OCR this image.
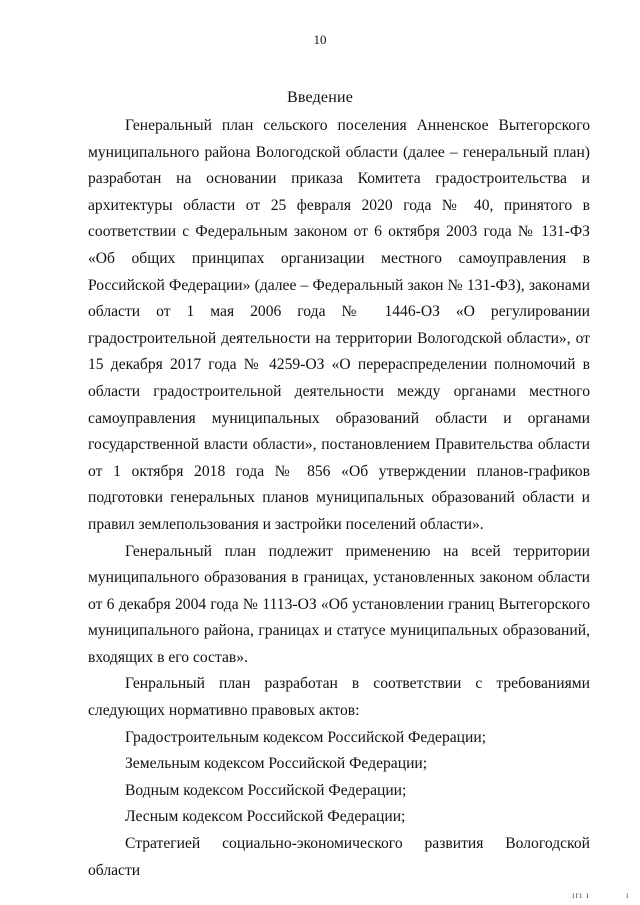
10
Введение

Генеральный план сельского поселения Анненское Вытегорского муниципального района Вологодской области (далее – генеральный план) разработан на основании приказа Комитета градостроительства и архитектуры области от 25 февраля 2020 года № 40, принятого в соответствии с Федеральным законом от 6 октября 2003 года № 131-ФЗ «Об общих принципах организации местного самоуправления в Российской Федерации» (далее – Федеральный закон № 131-ФЗ), законами области от 1 мая 2006 года № 1446-ОЗ «О регулировании градостроительной деятельности на территории Вологодской области», от 15 декабря 2017 года № 4259-ОЗ «О перераспределении полномочий в области градостроительной деятельности между органами местного самоуправления муниципальных образований области и органами государственной власти области», постановлением Правительства области от 1 октября 2018 года № 856 «Об утверждении планов-графиков подготовки генеральных планов муниципальных образований области и правил землепользования и застройки поселений области».

Генеральный план подлежит применению на всей территории муниципального образования в границах, установленных законом области от 6 декабря 2004 года № 1113-ОЗ «Об установлении границ Вытегорского муниципального района, границах и статусе муниципальных образований, входящих в его состав».

Генральный план разработан в соответствии с требованиями следующих нормативно правовых актов:

Градостроительным кодексом Российской Федерации;

Земельным кодексом Российской Федерации;

Водным кодексом Российской Федерации;

Лесным кодексом Российской Федерации;

Стратегией социально-экономического развития Вологодской области

ırı ı	ı
